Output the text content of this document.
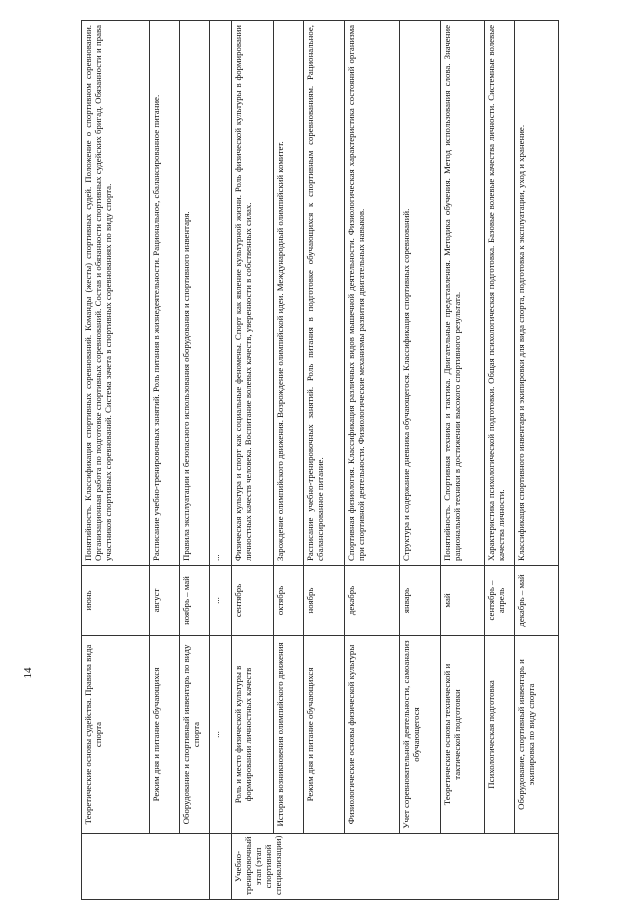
14
		Теоретические основы судейства. Правила вида спорта	июнь	Понятийность. Классификация спортивных соревнований. Команды (жесты) спортивных судей. Положение о спортивном соревновании. Организационная работа по подготовке спортивных соревнований. Состав и обязанности спортивных судейских бригад. Обязанности и права участников спортивных соревнований. Система зачета в спортивных соревнованиях по виду спорта.
	Режим дня и питание обучающихся	август	Расписание учебно-тренировочных занятий. Роль питания в жизнедеятельности. Рациональное, сбалансированное питание.
	Оборудование и спортивный инвентарь по виду спорта	ноябрь – май	Правила эксплуатации и безопасного использования оборудования и спортивного инвентаря.
	...	...	...
Учебно-тренировочный этап (этап спортивной специализации)	Роль и место физической культуры в формировании личностных качеств	сентябрь	Физическая культура и спорт как социальные феномены. Спорт как явление культурной жизни. Роль физической культуры в формировании личностных качеств человека. Воспитание волевых качеств, уверенности в собственных силах.
	История возникновения олимпийского движения	октябрь	Зарождение олимпийского движения. Возрождение олимпийской идеи. Международный олимпийский комитет.
	Режим дня и питание обучающихся	ноябрь	Расписание учебно-тренировочных занятий. Роль питания в подготовке обучающихся к спортивным соревнованиям. Рациональное, сбалансированное питание.
	Физиологические основы физической культуры	декабрь	Спортивная физиология. Классификация различных видов мышечной деятельности. Физиологическая характеристика состояний организма при спортивной деятельности. Физиологические механизмы развития двигательных навыков.
	Учет соревновательной деятельности, самоанализ обучающегося	январь	Структура и содержание дневника обучающегося. Классификация спортивных соревнований.
	Теоретические основы технической и тактической подготовки	май	Понятийность. Спортивная техника и тактика. Двигательные представления. Методика обучения. Метод использования слова. Значение рациональной техники в достижении высокого спортивного результата.
	Психологическая подготовка	сентябрь – апрель	Характеристика психологической подготовки. Общая психологическая подготовка. Базовые волевые качества личности. Системные волевые качества личности.
	Оборудование, спортивный инвентарь и экипировка по виду спорта	декабрь – май	Классификация спортивного инвентаря и экипировки для вида спорта, подготовка к эксплуатации, уход и хранение.
